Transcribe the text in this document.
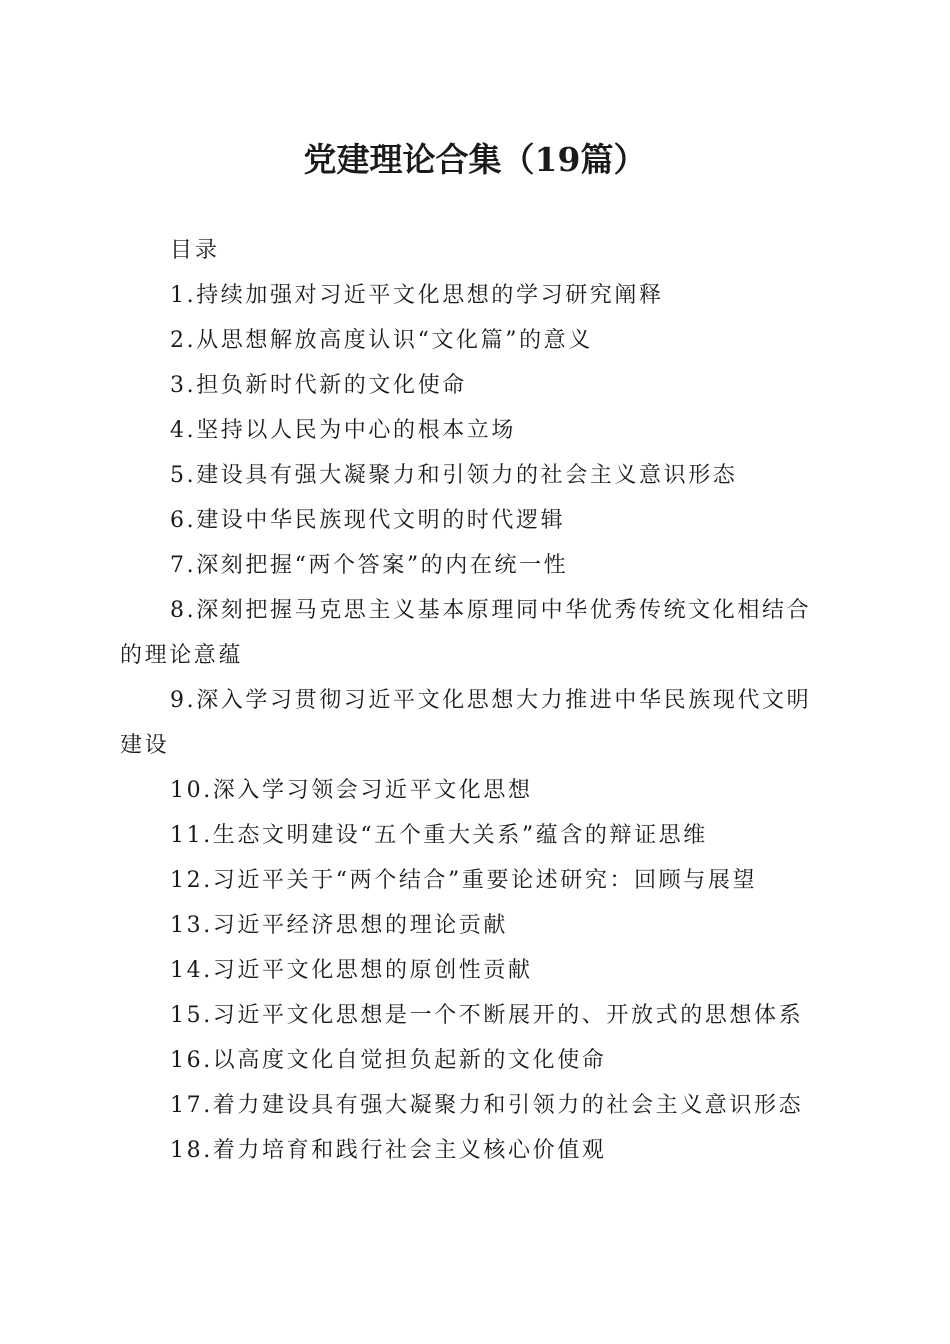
党建理论合集（19篇）

目录

1.持续加强对习近平文化思想的学习研究阐释

2.从思想解放高度认识“文化篇”的意义

3.担负新时代新的文化使命

4.坚持以人民为中心的根本立场

5.建设具有强大凝聚力和引领力的社会主义意识形态

6.建设中华民族现代文明的时代逻辑

7.深刻把握“两个答案”的内在统一性

8.深刻把握马克思主义基本原理同中华优秀传统文化相结合的理论意蕴

9.深入学习贯彻习近平文化思想大力推进中华民族现代文明建设

10.深入学习领会习近平文化思想

11.生态文明建设“五个重大关系”蕴含的辩证思维

12.习近平关于“两个结合”重要论述研究：回顾与展望

13.习近平经济思想的理论贡献

14.习近平文化思想的原创性贡献

15.习近平文化思想是一个不断展开的、开放式的思想体系

16.以高度文化自觉担负起新的文化使命

17.着力建设具有强大凝聚力和引领力的社会主义意识形态

18.着力培育和践行社会主义核心价值观
